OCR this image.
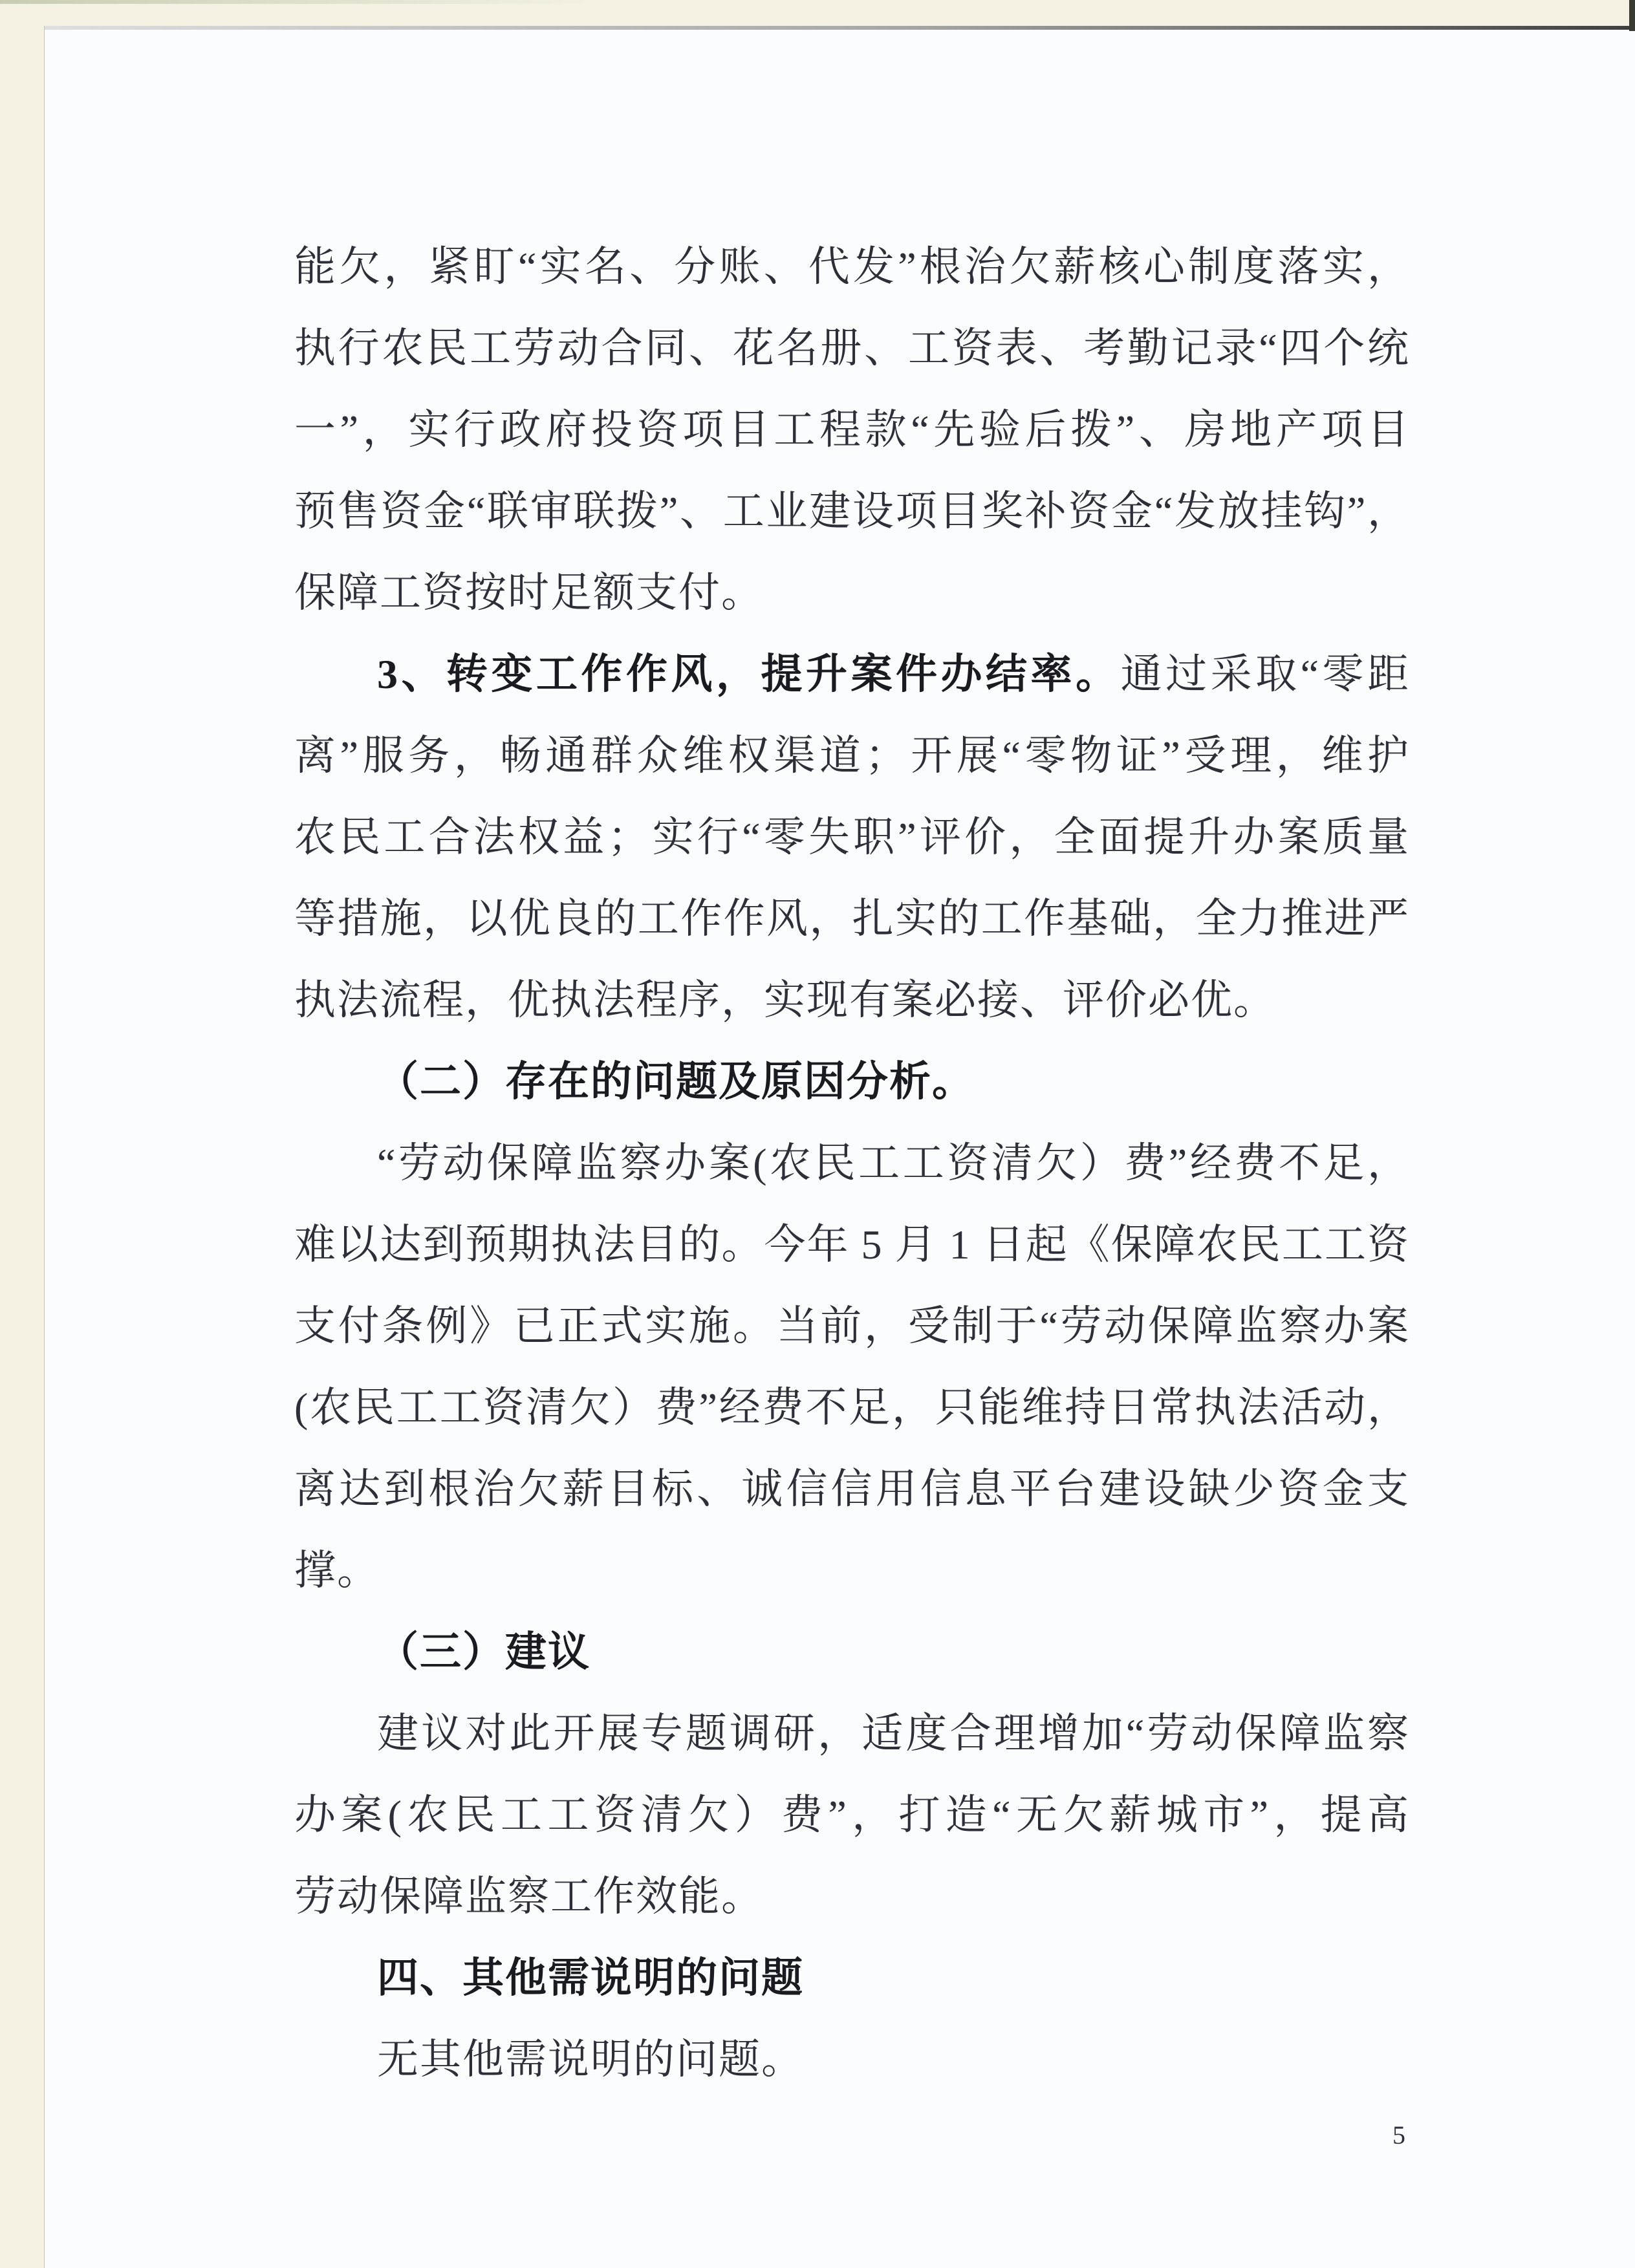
能欠，紧盯“实名、分账、代发”根治欠薪核心制度落实，
执行农民工劳动合同、花名册、工资表、考勤记录“四个统
一”，实行政府投资项目工程款“先验后拨”、房地产项目
预售资金“联审联拨”、工业建设项目奖补资金“发放挂钩”，
保障工资按时足额支付。
3、转变工作作风，提升案件办结率。通过采取“零距
离”服务，畅通群众维权渠道；开展“零物证”受理，维护
农民工合法权益；实行“零失职”评价，全面提升办案质量
等措施，以优良的工作作风，扎实的工作基础，全力推进严
执法流程，优执法程序，实现有案必接、评价必优。
（二）存在的问题及原因分析。
“劳动保障监察办案(农民工工资清欠）费”经费不足，
难以达到预期执法目的。今年 5 月 1 日起《保障农民工工资
支付条例》已正式实施。当前，受制于“劳动保障监察办案
(农民工工资清欠）费”经费不足，只能维持日常执法活动，
离达到根治欠薪目标、诚信信用信息平台建设缺少资金支
撑。
（三）建议
建议对此开展专题调研，适度合理增加“劳动保障监察
办案(农民工工资清欠）费”，打造“无欠薪城市”，提高
劳动保障监察工作效能。
四、其他需说明的问题
无其他需说明的问题。
5
